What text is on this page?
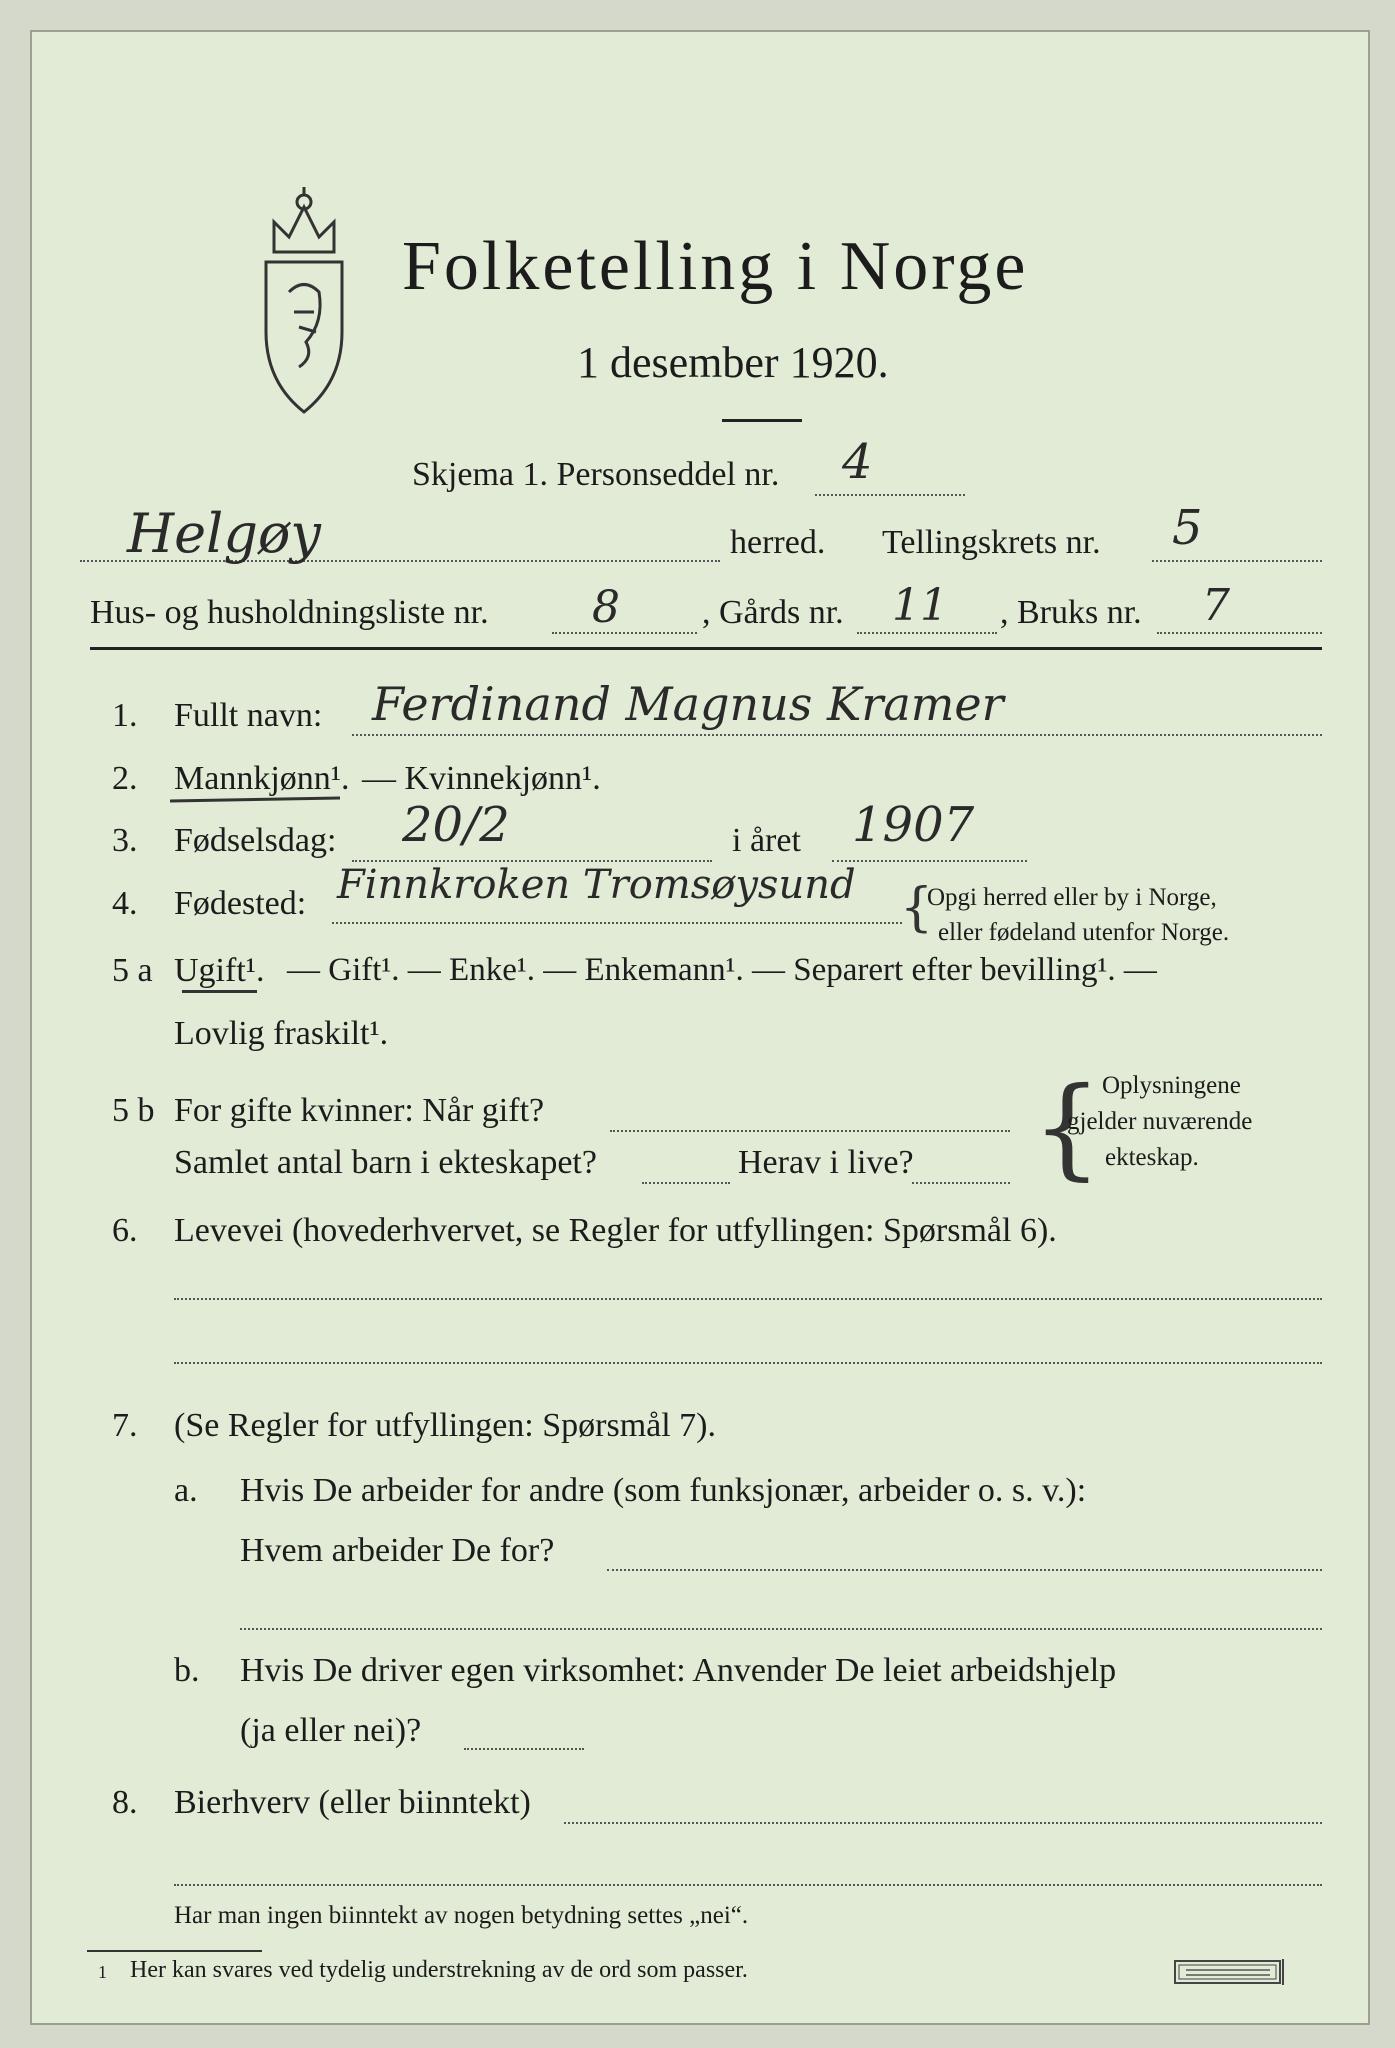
Folketelling i Norge
1 desember 1920.
Skjema 1. Personseddel nr. 4
Helgøy	herred. Tellingskrets nr. 5
Hus- og husholdningsliste nr. 8 , Gårds nr. 11 , Bruks nr. 7
1. Fullt navn: Ferdinand Magnus Kramer
2. Mannkjønn¹. — Kvinnekjønn¹.
3. Fødselsdag: 20/2	i året 1907
4. Fødested: Finnkroken Tromsøysund {
Opgi herred eller by i Norge,
eller fødeland utenfor Norge.
5 a Ugift¹. — Gift¹. — Enke¹. — Enkemann¹. — Separert efter bevilling¹. —
Lovlig fraskilt¹.
5 b For gifte kvinner: Når gift?
Samlet antal barn i ekteskapet?	Herav i live? { Oplysningene
gjelder nuværende
ekteskap.
6. Levevei (hovederhvervet, se Regler for utfyllingen: Spørsmål 6).
7. (Se Regler for utfyllingen: Spørsmål 7).
a. Hvis De arbeider for andre (som funksjonær, arbeider o. s. v.):
Hvem arbeider De for?
b. Hvis De driver egen virksomhet: Anvender De leiet arbeidshjelp
(ja eller nei)?
8. Bierhverv (eller biinntekt)
Har man ingen biinntekt av nogen betydning settes „nei“.
1 Her kan svares ved tydelig understrekning av de ord som passer.
